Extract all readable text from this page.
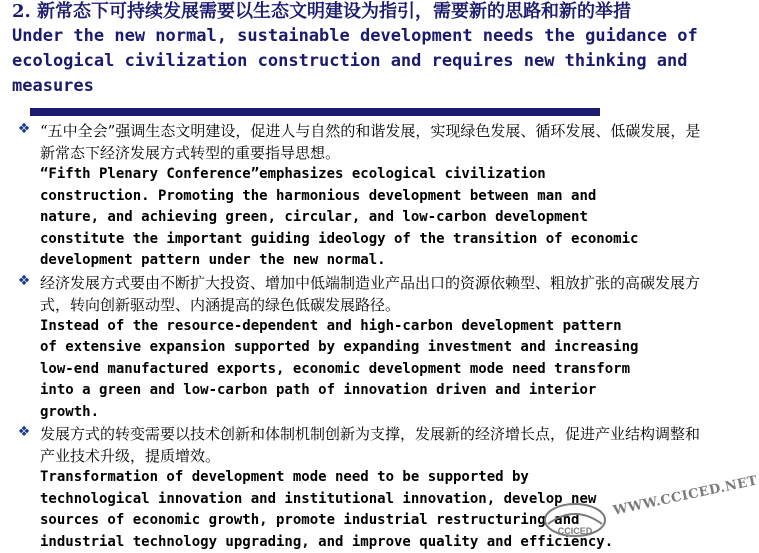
2. 新常态下可持续发展需要以生态文明建设为指引，需要新的思路和新的举措
Under the new normal, sustainable development needs the guidance of ecological civilization construction and requires new thinking and measures
❖ “五中全会”强调生态文明建设，促进人与自然的和谐发展，实现绿色发展、循环发展、低碳发展，是新常态下经济发展方式转型的重要指导思想。
“Fifth Plenary Conference”emphasizes ecological civilization
construction. Promoting the harmonious development between man and
nature, and achieving green, circular, and low-carbon development
constitute the important guiding ideology of the transition of economic
development pattern under the new normal.
❖ 经济发展方式要由不断扩大投资、增加中低端制造业产品出口的资源依赖型、粗放扩张的高碳发展方式，转向创新驱动型、内涵提高的绿色低碳发展路径。
Instead of the resource-dependent and high-carbon development pattern
of extensive expansion supported by expanding investment and increasing
low-end manufactured exports, economic development mode need transform
into a green and low-carbon path of innovation driven and interior
growth.
❖ 发展方式的转变需要以技术创新和体制机制创新为支撑，发展新的经济增长点，促进产业结构调整和产业技术升级，提质增效。
Transformation of development mode need to be supported by
technological innovation and institutional innovation, develop new
sources of economic growth, promote industrial restructuring and
industrial technology upgrading, and improve quality and efficiency.
CCICED
WWW.CCICED.NET
